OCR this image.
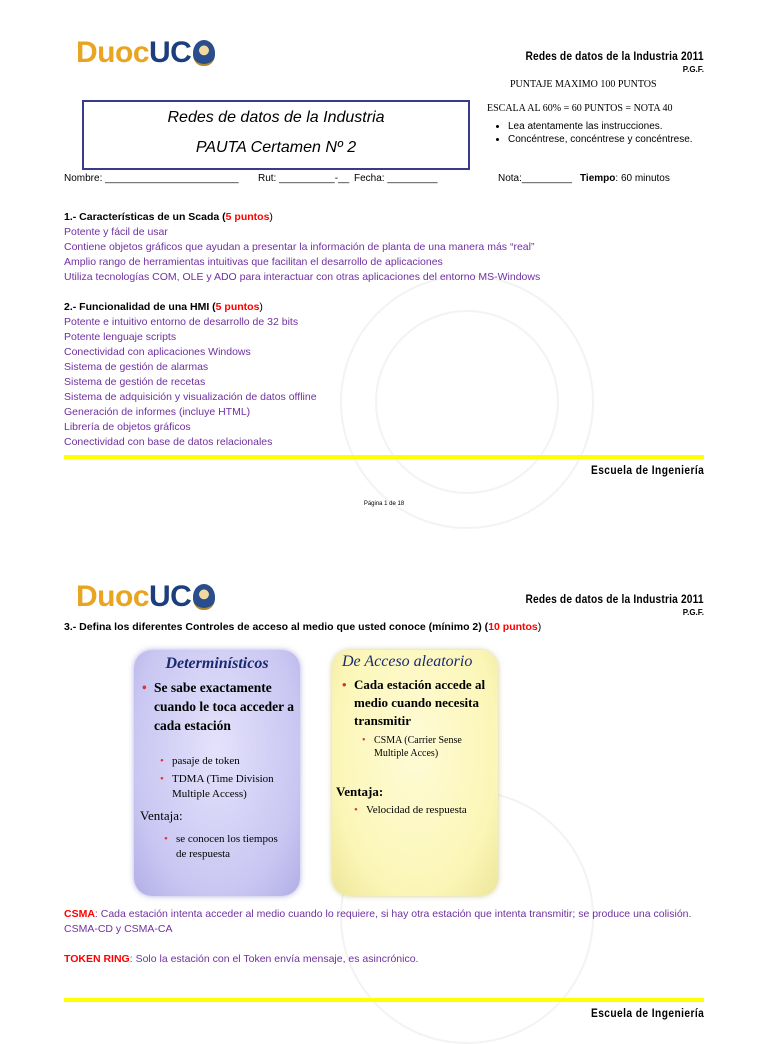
Duoc UC	Redes de datos de la Industria 2011
P.G.F.
PUNTAJE MAXIMO 100 PUNTOS
Redes de datos de la Industria
PAUTA Certamen Nº 2
ESCALA AL 60% = 60 PUNTOS = NOTA 40
• Lea atentamente las instrucciones.
• Concéntrese, concéntrese y concéntrese.
Nombre: ________________________ Rut: __________-__ Fecha: _________	Nota:_________ Tiempo: 60 minutos
1.- Características de un Scada (5 puntos)
Potente y fácil de usar
Contiene objetos gráficos que ayudan a presentar la información de planta de una manera más “real”
Amplio rango de herramientas intuitivas que facilitan el desarrollo de aplicaciones
Utiliza tecnologías COM, OLE y ADO para interactuar con otras aplicaciones del entorno MS-Windows
2.- Funcionalidad de una HMI (5 puntos)
Potente e intuitivo entorno de desarrollo de 32 bits
Potente lenguaje scripts
Conectividad con aplicaciones Windows
Sistema de gestión de alarmas
Sistema de gestión de recetas
Sistema de adquisición y visualización de datos offline
Generación de informes (incluye HTML)
Librería de objetos gráficos
Conectividad con base de datos relacionales
Escuela de Ingeniería
Página 1 de 18
Duoc UC	Redes de datos de la Industria 2011
P.G.F.
3.- Defina los diferentes Controles de acceso al medio que usted conoce (mínimo 2) (10 puntos)
Determinísticos
• Se sabe exactamente cuando le toca acceder a cada estación
• pasaje de token
• TDMA (Time Division Multiple Access)
Ventaja:
• se conocen los tiempos de respuesta
De Acceso aleatorio
• Cada estación accede al medio cuando necesita transmitir
• CSMA (Carrier Sense Multiple Acces)
Ventaja:
• Velocidad de respuesta
CSMA: Cada estación intenta acceder al medio cuando lo requiere, si hay otra estación que intenta transmitir; se produce una colisión. CSMA-CD y CSMA-CA
TOKEN RING: Solo la estación con el Token envía mensaje, es asincrónico.
Escuela de Ingeniería
